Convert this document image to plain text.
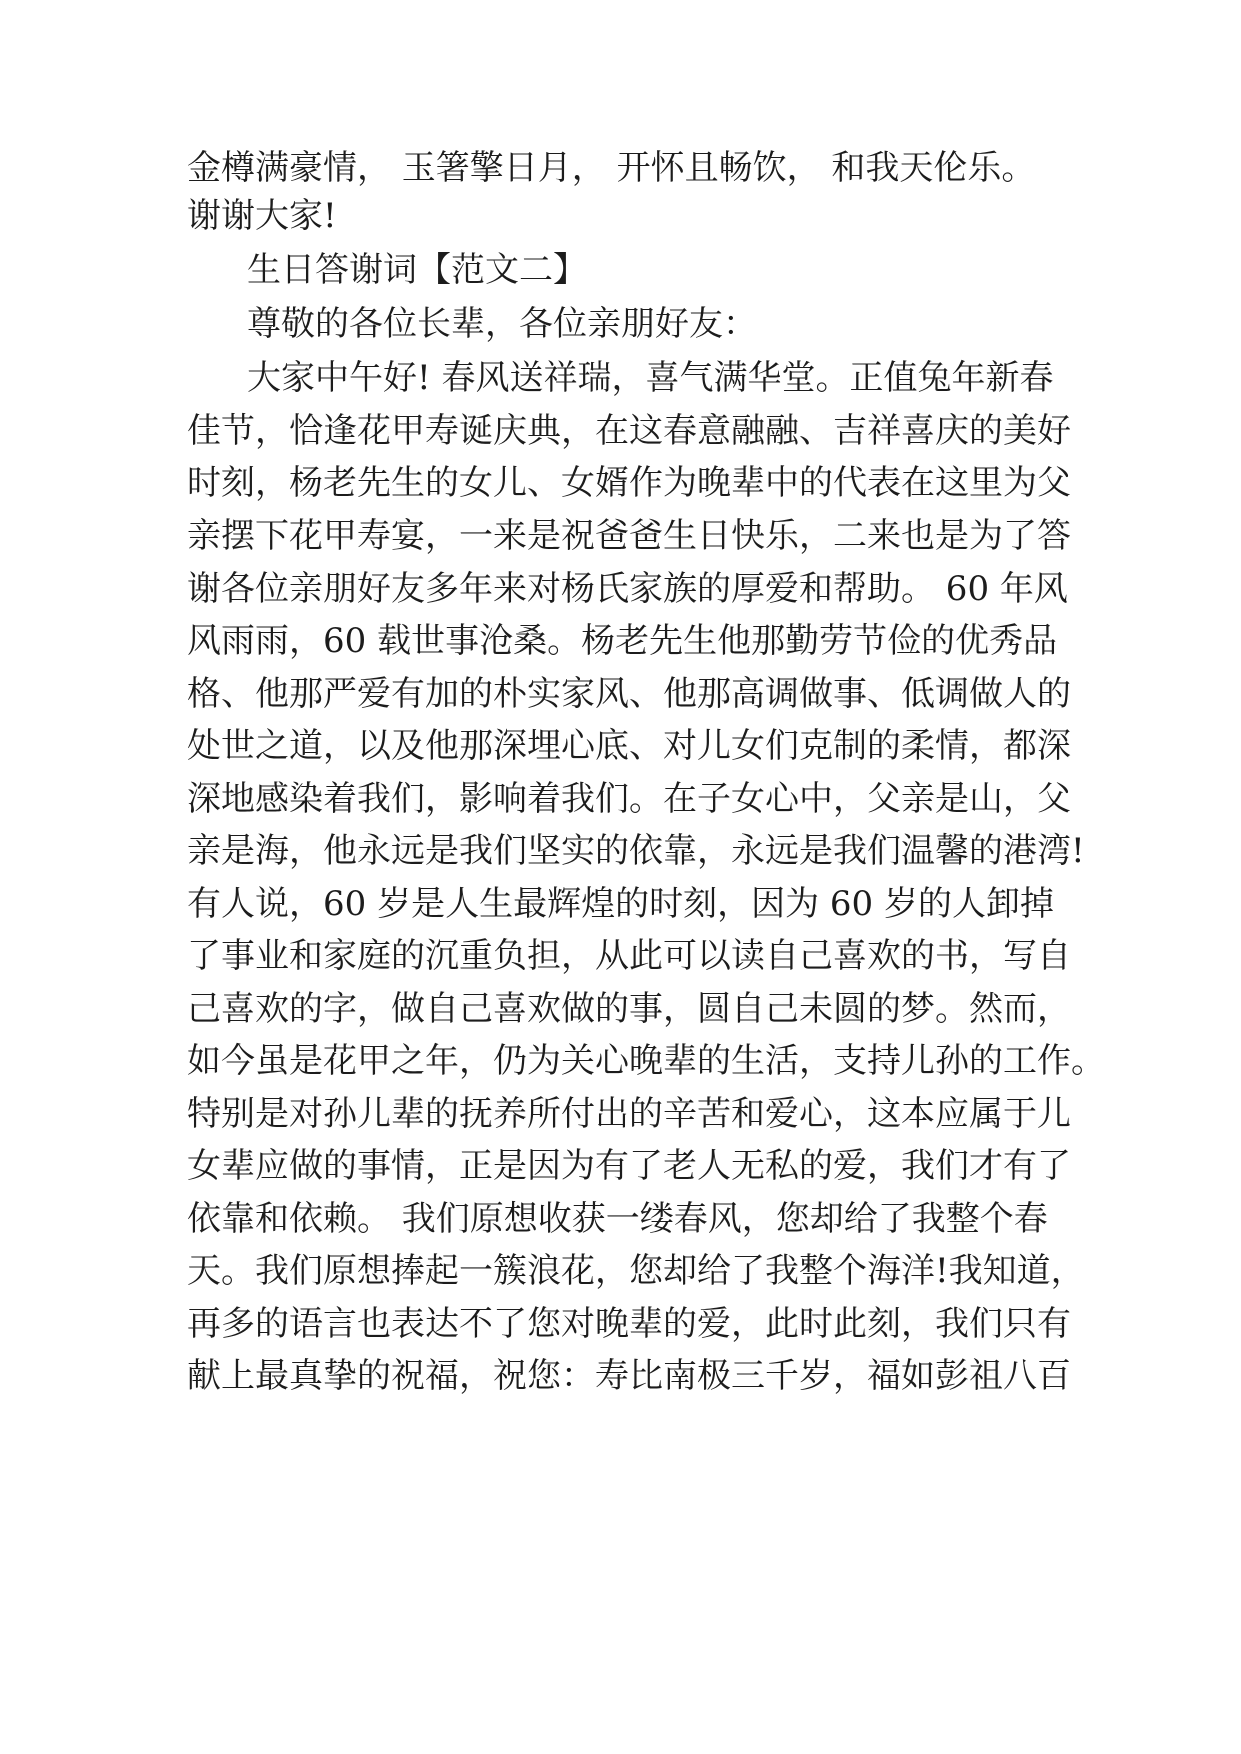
金樽满豪情， 玉箸擎日月， 开怀且畅饮， 和我天伦乐。
谢谢大家!
生日答谢词【范文二】
尊敬的各位长辈，各位亲朋好友：
大家中午好! 春风送祥瑞，喜气满华堂。正值兔年新春
佳节，恰逢花甲寿诞庆典，在这春意融融、吉祥喜庆的美好
时刻，杨老先生的女儿、女婿作为晚辈中的代表在这里为父
亲摆下花甲寿宴，一来是祝爸爸生日快乐，二来也是为了答
谢各位亲朋好友多年来对杨氏家族的厚爱和帮助。 60 年风
风雨雨，60 载世事沧桑。杨老先生他那勤劳节俭的优秀品
格、他那严爱有加的朴实家风、他那高调做事、低调做人的
处世之道，以及他那深埋心底、对儿女们克制的柔情，都深
深地感染着我们，影响着我们。在子女心中，父亲是山，父
亲是海，他永远是我们坚实的依靠，永远是我们温馨的港湾!
有人说，60 岁是人生最辉煌的时刻，因为 60 岁的人卸掉
了事业和家庭的沉重负担，从此可以读自己喜欢的书，写自
己喜欢的字，做自己喜欢做的事，圆自己未圆的梦。然而，
如今虽是花甲之年，仍为关心晚辈的生活，支持儿孙的工作。
特别是对孙儿辈的抚养所付出的辛苦和爱心，这本应属于儿
女辈应做的事情，正是因为有了老人无私的爱，我们才有了
依靠和依赖。 我们原想收获一缕春风，您却给了我整个春
天。我们原想捧起一簇浪花，您却给了我整个海洋!我知道，
再多的语言也表达不了您对晚辈的爱，此时此刻，我们只有
献上最真挚的祝福，祝您：寿比南极三千岁，福如彭祖八百
